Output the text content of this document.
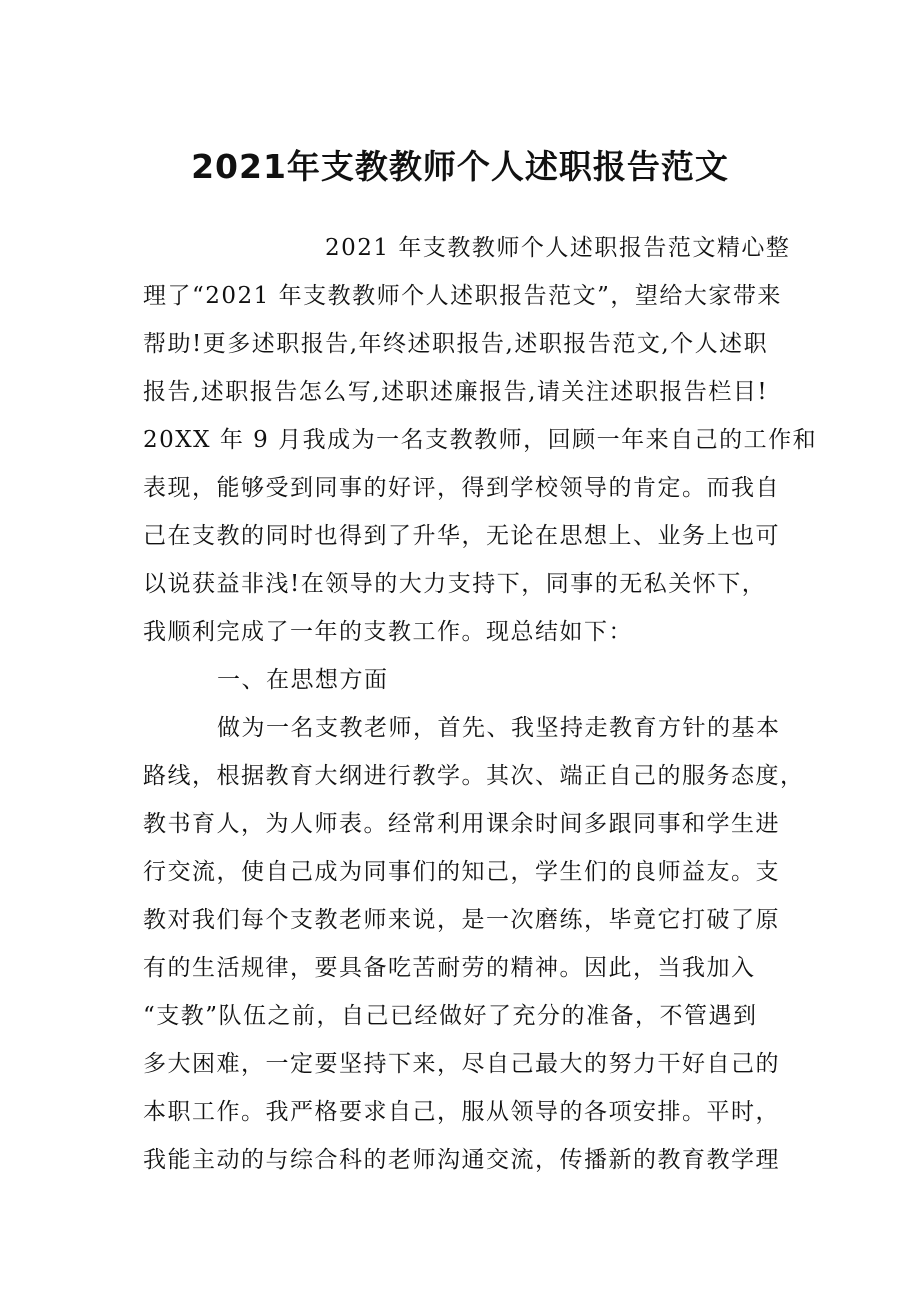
2021年支教教师个人述职报告范文

2021 年支教教师个人述职报告范文精心整

理了“2021 年支教教师个人述职报告范文”，望给大家带来

帮助!更多述职报告,年终述职报告,述职报告范文,个人述职

报告,述职报告怎么写,述职述廉报告,请关注述职报告栏目!

20XX 年 9 月我成为一名支教教师，回顾一年来自己的工作和

表现，能够受到同事的好评，得到学校领导的肯定。而我自

己在支教的同时也得到了升华，无论在思想上、业务上也可

以说获益非浅!在领导的大力支持下，同事的无私关怀下，

我顺利完成了一年的支教工作。现总结如下：

一、在思想方面

做为一名支教老师，首先、我坚持走教育方针的基本

路线，根据教育大纲进行教学。其次、端正自己的服务态度，

教书育人，为人师表。经常利用课余时间多跟同事和学生进

行交流，使自己成为同事们的知己，学生们的良师益友。支

教对我们每个支教老师来说，是一次磨练，毕竟它打破了原

有的生活规律，要具备吃苦耐劳的精神。因此，当我加入

“支教”队伍之前，自己已经做好了充分的准备，不管遇到

多大困难，一定要坚持下来，尽自己最大的努力干好自己的

本职工作。我严格要求自己，服从领导的各项安排。平时，

我能主动的与综合科的老师沟通交流，传播新的教育教学理
